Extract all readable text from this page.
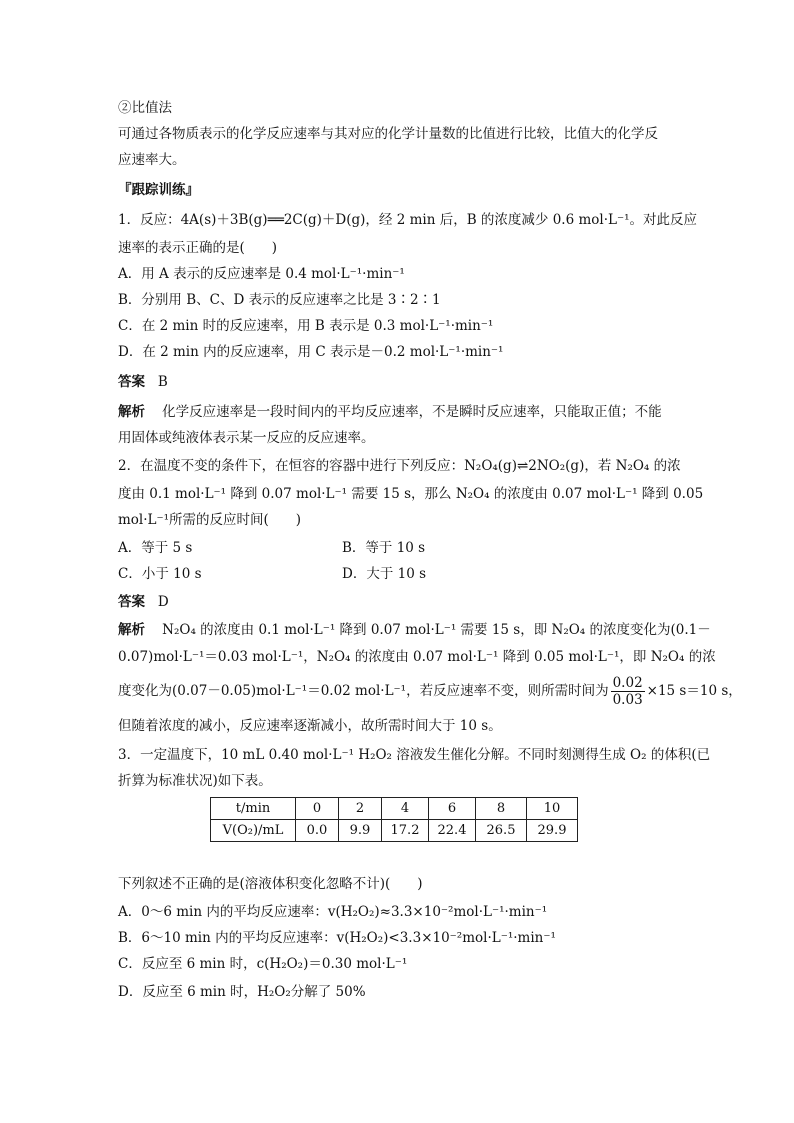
②比值法
可通过各物质表示的化学反应速率与其对应的化学计量数的比值进行比较，比值大的化学反
应速率大。
『跟踪训练』
1．反应：4A(s)＋3B(g)══2C(g)＋D(g)，经 2 min 后，B 的浓度减少 0.6 mol·L⁻¹。对此反应
速率的表示正确的是(　　)
A．用 A 表示的反应速率是 0.4 mol·L⁻¹·min⁻¹
B．分别用 B、C、D 表示的反应速率之比是 3∶2∶1
C．在 2 min 时的反应速率，用 B 表示是 0.3 mol·L⁻¹·min⁻¹
D．在 2 min 内的反应速率，用 C 表示是－0.2 mol·L⁻¹·min⁻¹
答案 B
解析 化学反应速率是一段时间内的平均反应速率，不是瞬时反应速率，只能取正值；不能
用固体或纯液体表示某一反应的反应速率。
2．在温度不变的条件下，在恒容的容器中进行下列反应：N₂O₄(g)⇌2NO₂(g)，若 N₂O₄ 的浓
度由 0.1 mol·L⁻¹ 降到 0.07 mol·L⁻¹ 需要 15 s，那么 N₂O₄ 的浓度由 0.07 mol·L⁻¹ 降到 0.05
mol·L⁻¹所需的反应时间(　　)
A．等于 5 s	B．等于 10 s
C．小于 10 s	D．大于 10 s
答案 D
解析 N₂O₄ 的浓度由 0.1 mol·L⁻¹ 降到 0.07 mol·L⁻¹ 需要 15 s，即 N₂O₄ 的浓度变化为(0.1－
0.07)mol·L⁻¹＝0.03 mol·L⁻¹，N₂O₄ 的浓度由 0.07 mol·L⁻¹ 降到 0.05 mol·L⁻¹，即 N₂O₄ 的浓
度变化为(0.07－0.05)mol·L⁻¹＝0.02 mol·L⁻¹，若反应速率不变，则所需时间为 $\frac{0.02}{0.03} \times 15$ s＝10 s，
但随着浓度的减小，反应速率逐渐减小，故所需时间大于 10 s。
3．一定温度下，10 mL 0.40 mol·L⁻¹ H₂O₂ 溶液发生催化分解。不同时刻测得生成 O₂ 的体积(已
折算为标准状况)如下表。
t/min	0	2	4	6	8	10
V(O₂)/mL	0.0	9.9	17.2	22.4	26.5	29.9
下列叙述不正确的是(溶液体积变化忽略不计)(　　)
A．0～6 min 内的平均反应速率：v(H₂O₂)≈3.3×10⁻²mol·L⁻¹·min⁻¹
B．6～10 min 内的平均反应速率：v(H₂O₂)<3.3×10⁻²mol·L⁻¹·min⁻¹
C．反应至 6 min 时，c(H₂O₂)＝0.30 mol·L⁻¹
D．反应至 6 min 时，H₂O₂分解了 50%
